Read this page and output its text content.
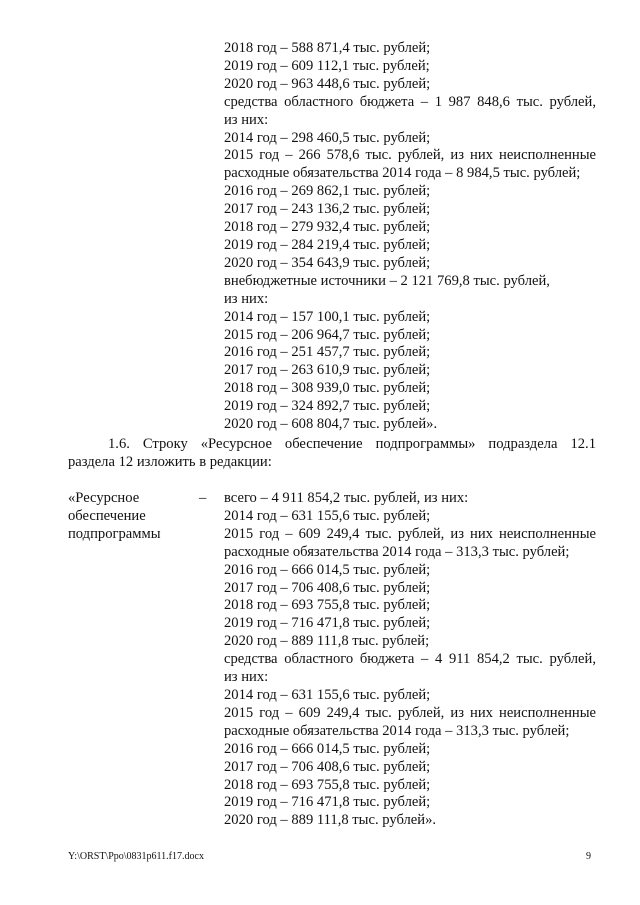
2018 год – 588 871,4 тыс. рублей;
2019 год – 609 112,1 тыс. рублей;
2020 год – 963 448,6 тыс. рублей;
средства областного бюджета – 1 987 848,6 тыс. рублей,
из них:
2014 год – 298 460,5 тыс. рублей;
2015 год – 266 578,6 тыс. рублей, из них неисполненные
расходные обязательства 2014 года – 8 984,5 тыс. рублей;
2016 год – 269 862,1 тыс. рублей;
2017 год – 243 136,2 тыс. рублей;
2018 год – 279 932,4 тыс. рублей;
2019 год – 284 219,4 тыс. рублей;
2020 год – 354 643,9 тыс. рублей;
внебюджетные источники – 2 121 769,8 тыс. рублей,
из них:
2014 год – 157 100,1 тыс. рублей;
2015 год – 206 964,7 тыс. рублей;
2016 год – 251 457,7 тыс. рублей;
2017 год – 263 610,9 тыс. рублей;
2018 год – 308 939,0 тыс. рублей;
2019 год – 324 892,7 тыс. рублей;
2020 год – 608 804,7 тыс. рублей».
1.6. Строку «Ресурсное обеспечение подпрограммы» подраздела 12.1
раздела 12 изложить в редакции:
«Ресурсное
обеспечение
подпрограммы
– всего – 4 911 854,2 тыс. рублей, из них:
2014 год – 631 155,6 тыс. рублей;
2015 год – 609 249,4 тыс. рублей, из них неисполненные
расходные обязательства 2014 года – 313,3 тыс. рублей;
2016 год – 666 014,5 тыс. рублей;
2017 год – 706 408,6 тыс. рублей;
2018 год – 693 755,8 тыс. рублей;
2019 год – 716 471,8 тыс. рублей;
2020 год – 889 111,8 тыс. рублей;
средства областного бюджета – 4 911 854,2 тыс. рублей,
из них:
2014 год – 631 155,6 тыс. рублей;
2015 год – 609 249,4 тыс. рублей, из них неисполненные
расходные обязательства 2014 года – 313,3 тыс. рублей;
2016 год – 666 014,5 тыс. рублей;
2017 год – 706 408,6 тыс. рублей;
2018 год – 693 755,8 тыс. рублей;
2019 год – 716 471,8 тыс. рублей;
2020 год – 889 111,8 тыс. рублей».
Y:\ORST\Ppo\0831p611.f17.docx	9
